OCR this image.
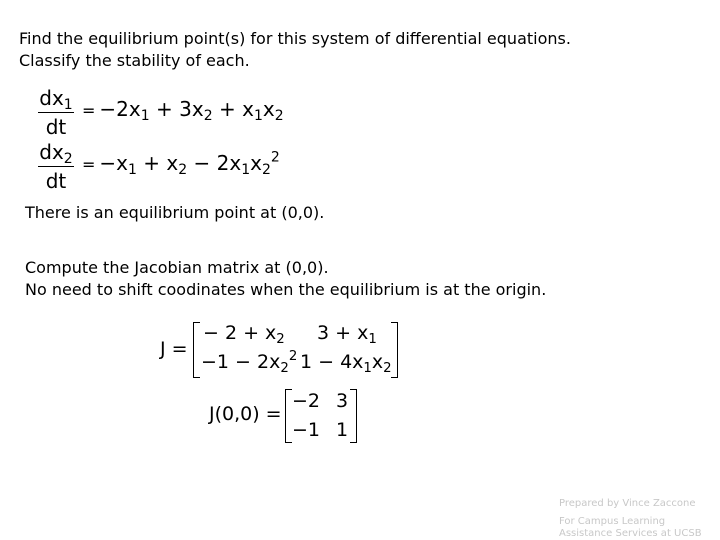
Find the equilibrium point(s) for this system of differential equations.
Classify the stability of each.
$dx_1$
dt
= $-2x_1 + 3x_2 + x_1x_2$
$dx_2$
dt
= $-x_1 + x_2 - 2x_1x_2^2$
There is an equilibrium point at (0,0).
Compute the Jacobian matrix at (0,0).
No need to shift coodinates when the equilibrium is at the origin.
J =
− $2 + x_2$ $3 + x_1$
$-1 - 2x_2^2$ $1 - 4x_1x_2$
J(0,0) =
−2 3
−1 1
Prepared by Vince Zaccone
For Campus Learning
Assistance Services at UCSB
